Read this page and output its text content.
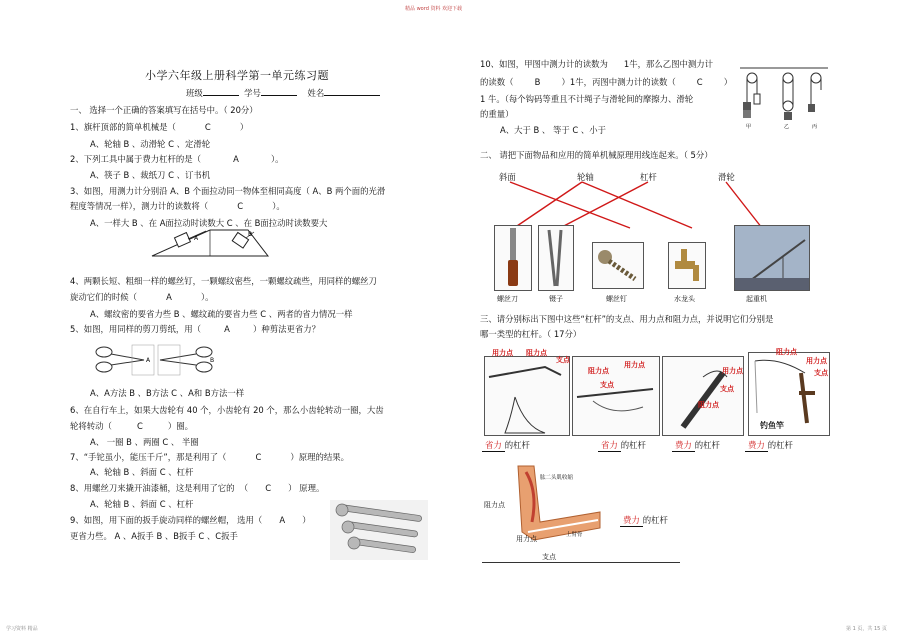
精品 word 资料 欢迎下载
小学六年级上册科学第一单元练习题
班级	学号	姓名
一、 选择一个正确的答案填写在括号中。（ 20分）
1、旗杆顶部的简单机械是（	C	）
A、轮轴 B 、动滑轮 C 、定滑轮
2、下列工具中属于费力杠杆的是（	A	）。
A、筷子 B 、裁纸刀 C 、订书机
3、如图，用测力计分别沿 A、B 个面拉动同一物体至相同高度（ A、B 两个面的光滑
程度等情况一样），测力计的读数将（	C	）。
A、一样大 B 、在 A面拉动时读数大 C 、在 B面拉动时读数要大
A
B
4、两颗长短、粗细一样的螺丝钉，一颗螺纹密些，一颗螺纹疏些，用同样的螺丝刀
旋动它们的时候（	A	）。
A、螺纹密的要省力些 B 、螺纹疏的要省力些 C 、两者的省力情况一样
5、如图，用同样的剪刀剪纸，用（	A	）种剪法更省力？
A	B
A、A方法 B 、B方法 C 、A和 B方法一样
6、在自行车上，如果大齿轮有 40 个，小齿轮有 20 个，那么小齿轮转动一圈，大齿
轮将转动（	C	）圈。
A、 一圈 B 、两圈 C 、 半圈
7、“手铊虽小，能压千斤”，那是利用了（	C	）原理的结果。
A、轮轴 B 、斜面 C 、杠杆
8、用螺丝刀来撬开油漆桶，这是利用了它的 （ C ） 原理。
A、轮轴 B 、斜面 C 、杠杆
9、如图，用下面的扳手旋动同样的螺丝帽， 选用（ A ）
更省力些。 A 、A扳手 B 、B扳手 C 、C扳手
10、如图，甲图中测力计的读数为 1牛，那么乙图中测力计
的读数（	B	）1牛，丙图中测力计的读数（	C	）
1 牛。（每个钩码等重且不计绳子与滑轮间的摩擦力、滑轮
的重量）
A、大于 B 、 等于 C 、小于	甲	乙	丙
二、 请把下面物品和应用的简单机械原理用线连起来。（ 5分）
斜面	轮轴	杠杆	滑轮
螺丝刀	镊子	螺丝钉	水龙头	起重机
三、请分别标出下图中这些“杠杆”的支点、用力点和阻力点，并说明它们分别是
哪一类型的杠杆。（ 17分）
用力点 阻力点
支点
阻力点
用力点
支点
用力点
支点
阻力点
阻力点
用力点
支点
钓鱼竿
省力 的杠杆	省力 的杠杆	费力 的杠杆	费力 的杠杆
肱二头肌收缩
阻力点
用力点	上臂骨
支点
费力 的杠杆
学习资料 精品	第 1 页，共 15 页
